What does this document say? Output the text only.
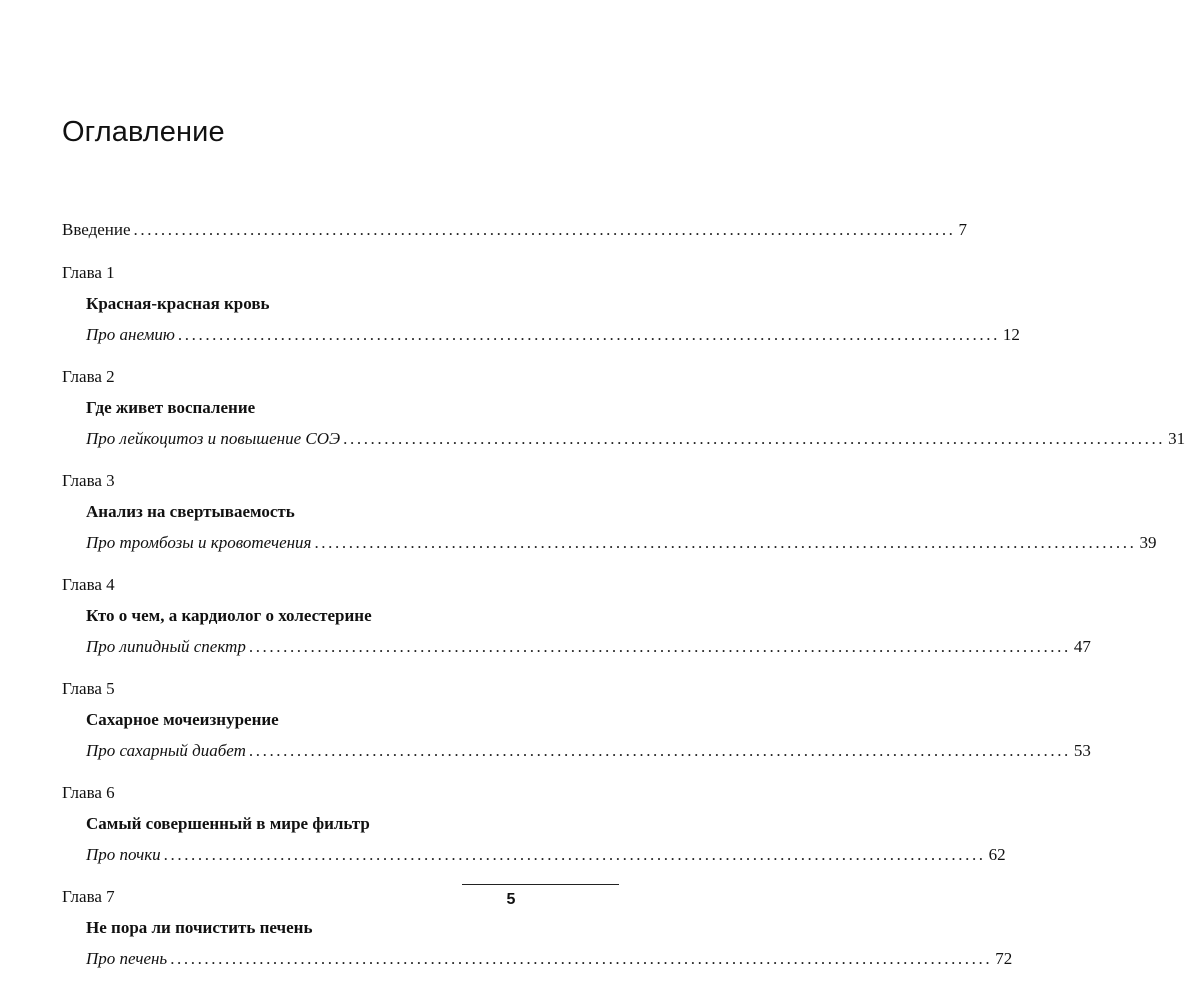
Оглавление
Введение ........................................................................................................................ 7
Глава 1
Красная-красная кровь
Про анемию ........................................................................................................................ 12
Глава 2
Где живет воспаление
Про лейкоцитоз и повышение СОЭ ........................................................................................................................ 31
Глава 3
Анализ на свертываемость
Про тромбозы и кровотечения ........................................................................................................................ 39
Глава 4
Кто о чем, а кардиолог о холестерине
Про липидный спектр ........................................................................................................................ 47
Глава 5
Сахарное мочеизнурение
Про сахарный диабет ........................................................................................................................ 53
Глава 6
Самый совершенный в мире фильтр
Про почки ........................................................................................................................ 62
Глава 7
Не пора ли почистить печень
Про печень ........................................................................................................................ 72
5
